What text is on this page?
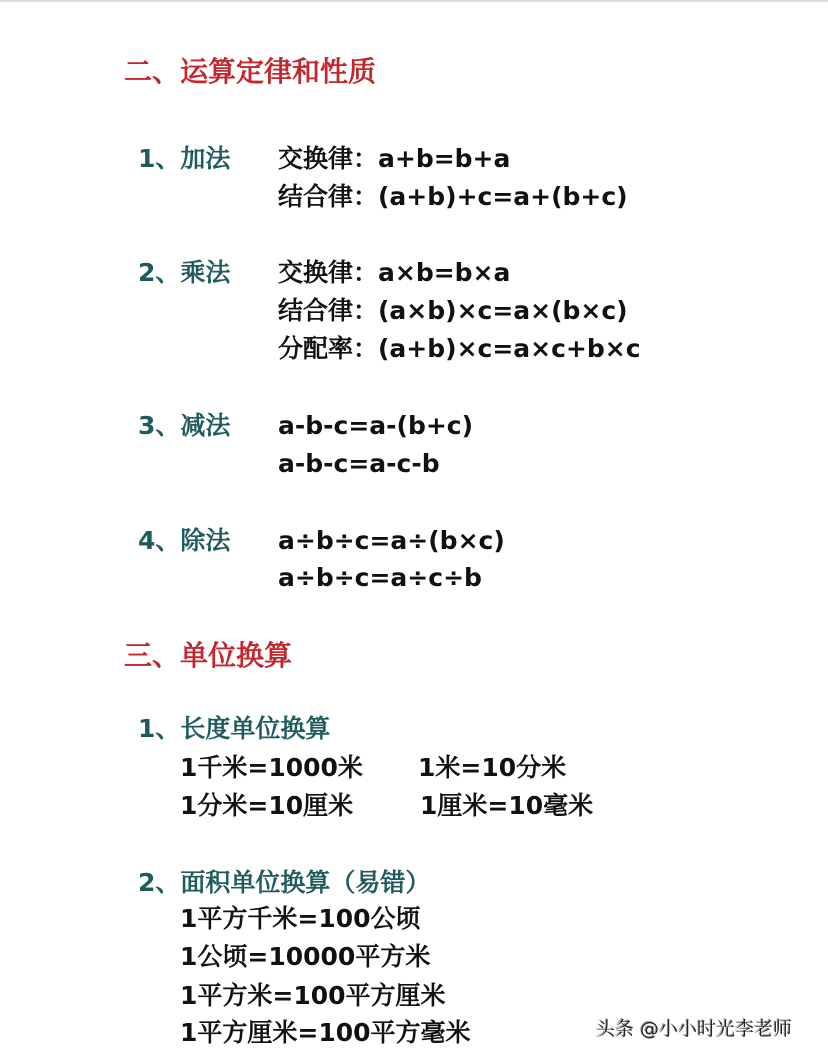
二、运算定律和性质
1、加法 交换律：a+b=b+a
结合律：(a+b)+c=a+(b+c)
2、乘法 交换律：a×b=b×a
结合律：(a×b)×c=a×(b×c)
分配率：(a+b)×c=a×c+b×c
3、减法 a-b-c=a-(b+c)
a-b-c=a-c-b
4、除法 a÷b÷c=a÷(b×c)
a÷b÷c=a÷c÷b
三、单位换算
1、长度单位换算
1千米=1000米 1米=10分米
1分米=10厘米	1厘米=10毫米
2、面积单位换算（易错）
1平方千米=100公顷
1公顷=10000平方米
1平方米=100平方厘米
1平方厘米=100平方毫米	头条 @小小时光李老师
